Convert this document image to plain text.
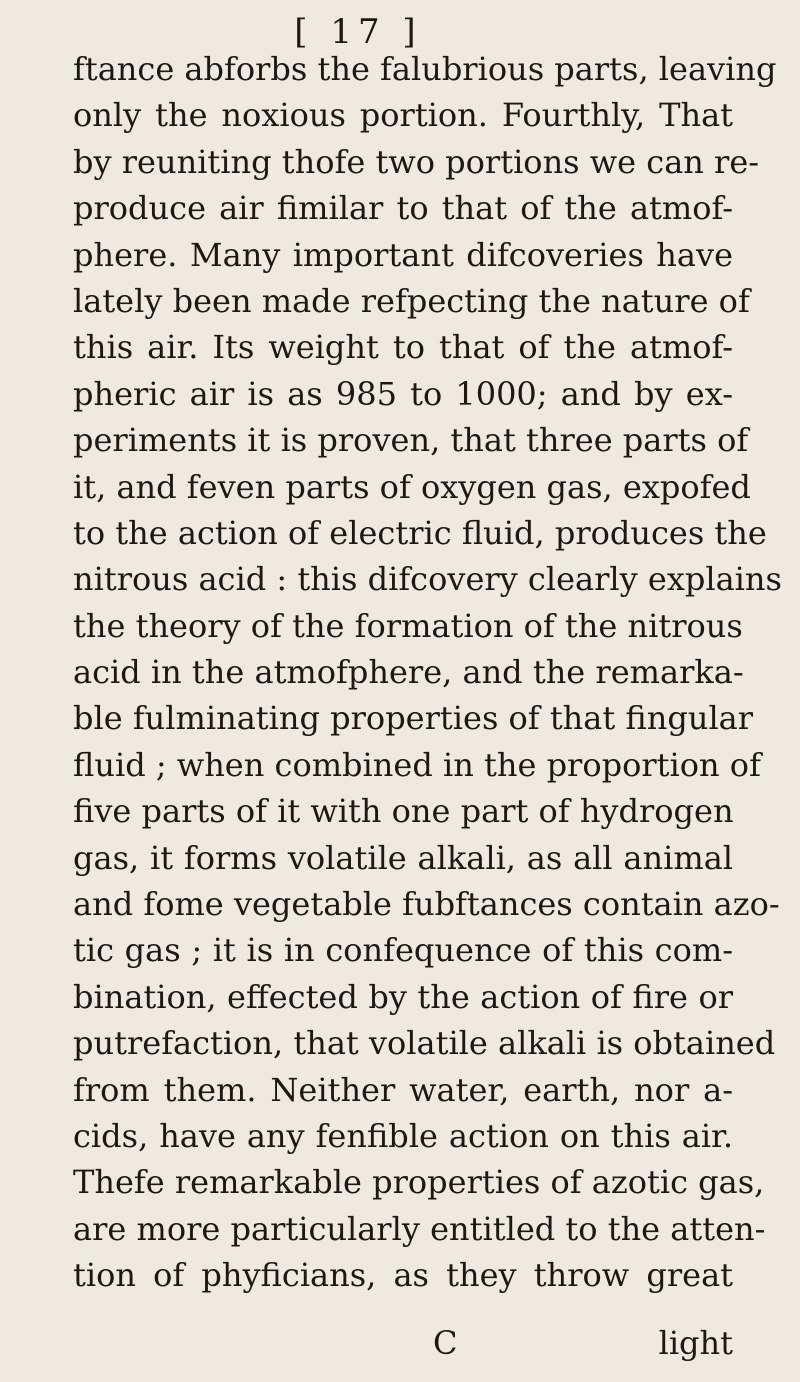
[ 17 ]
ftance abforbs the falubrious parts, leaving
only the noxious portion. Fourthly, That
by reuniting thofe two portions we can re-
produce air fimilar to that of the atmof-
phere. Many important difcoveries have
lately been made refpecting the nature of
this air. Its weight to that of the atmof-
pheric air is as 985 to 1000; and by ex-
periments it is proven, that three parts of
it, and feven parts of oxygen gas, expofed
to the action of electric fluid, produces the
nitrous acid : this difcovery clearly explains
the theory of the formation of the nitrous
acid in the atmofphere, and the remarka-
ble fulminating properties of that fingular
fluid ; when combined in the proportion of
five parts of it with one part of hydrogen
gas, it forms volatile alkali, as all animal
and fome vegetable fubftances contain azo-
tic gas ; it is in confequence of this com-
bination, effected by the action of fire or
putrefaction, that volatile alkali is obtained
from them. Neither water, earth, nor a-
cids, have any fenfible action on this air.
Thefe remarkable properties of azotic gas,
are more particularly entitled to the atten-
tion of phyficians, as they throw great
C	light
